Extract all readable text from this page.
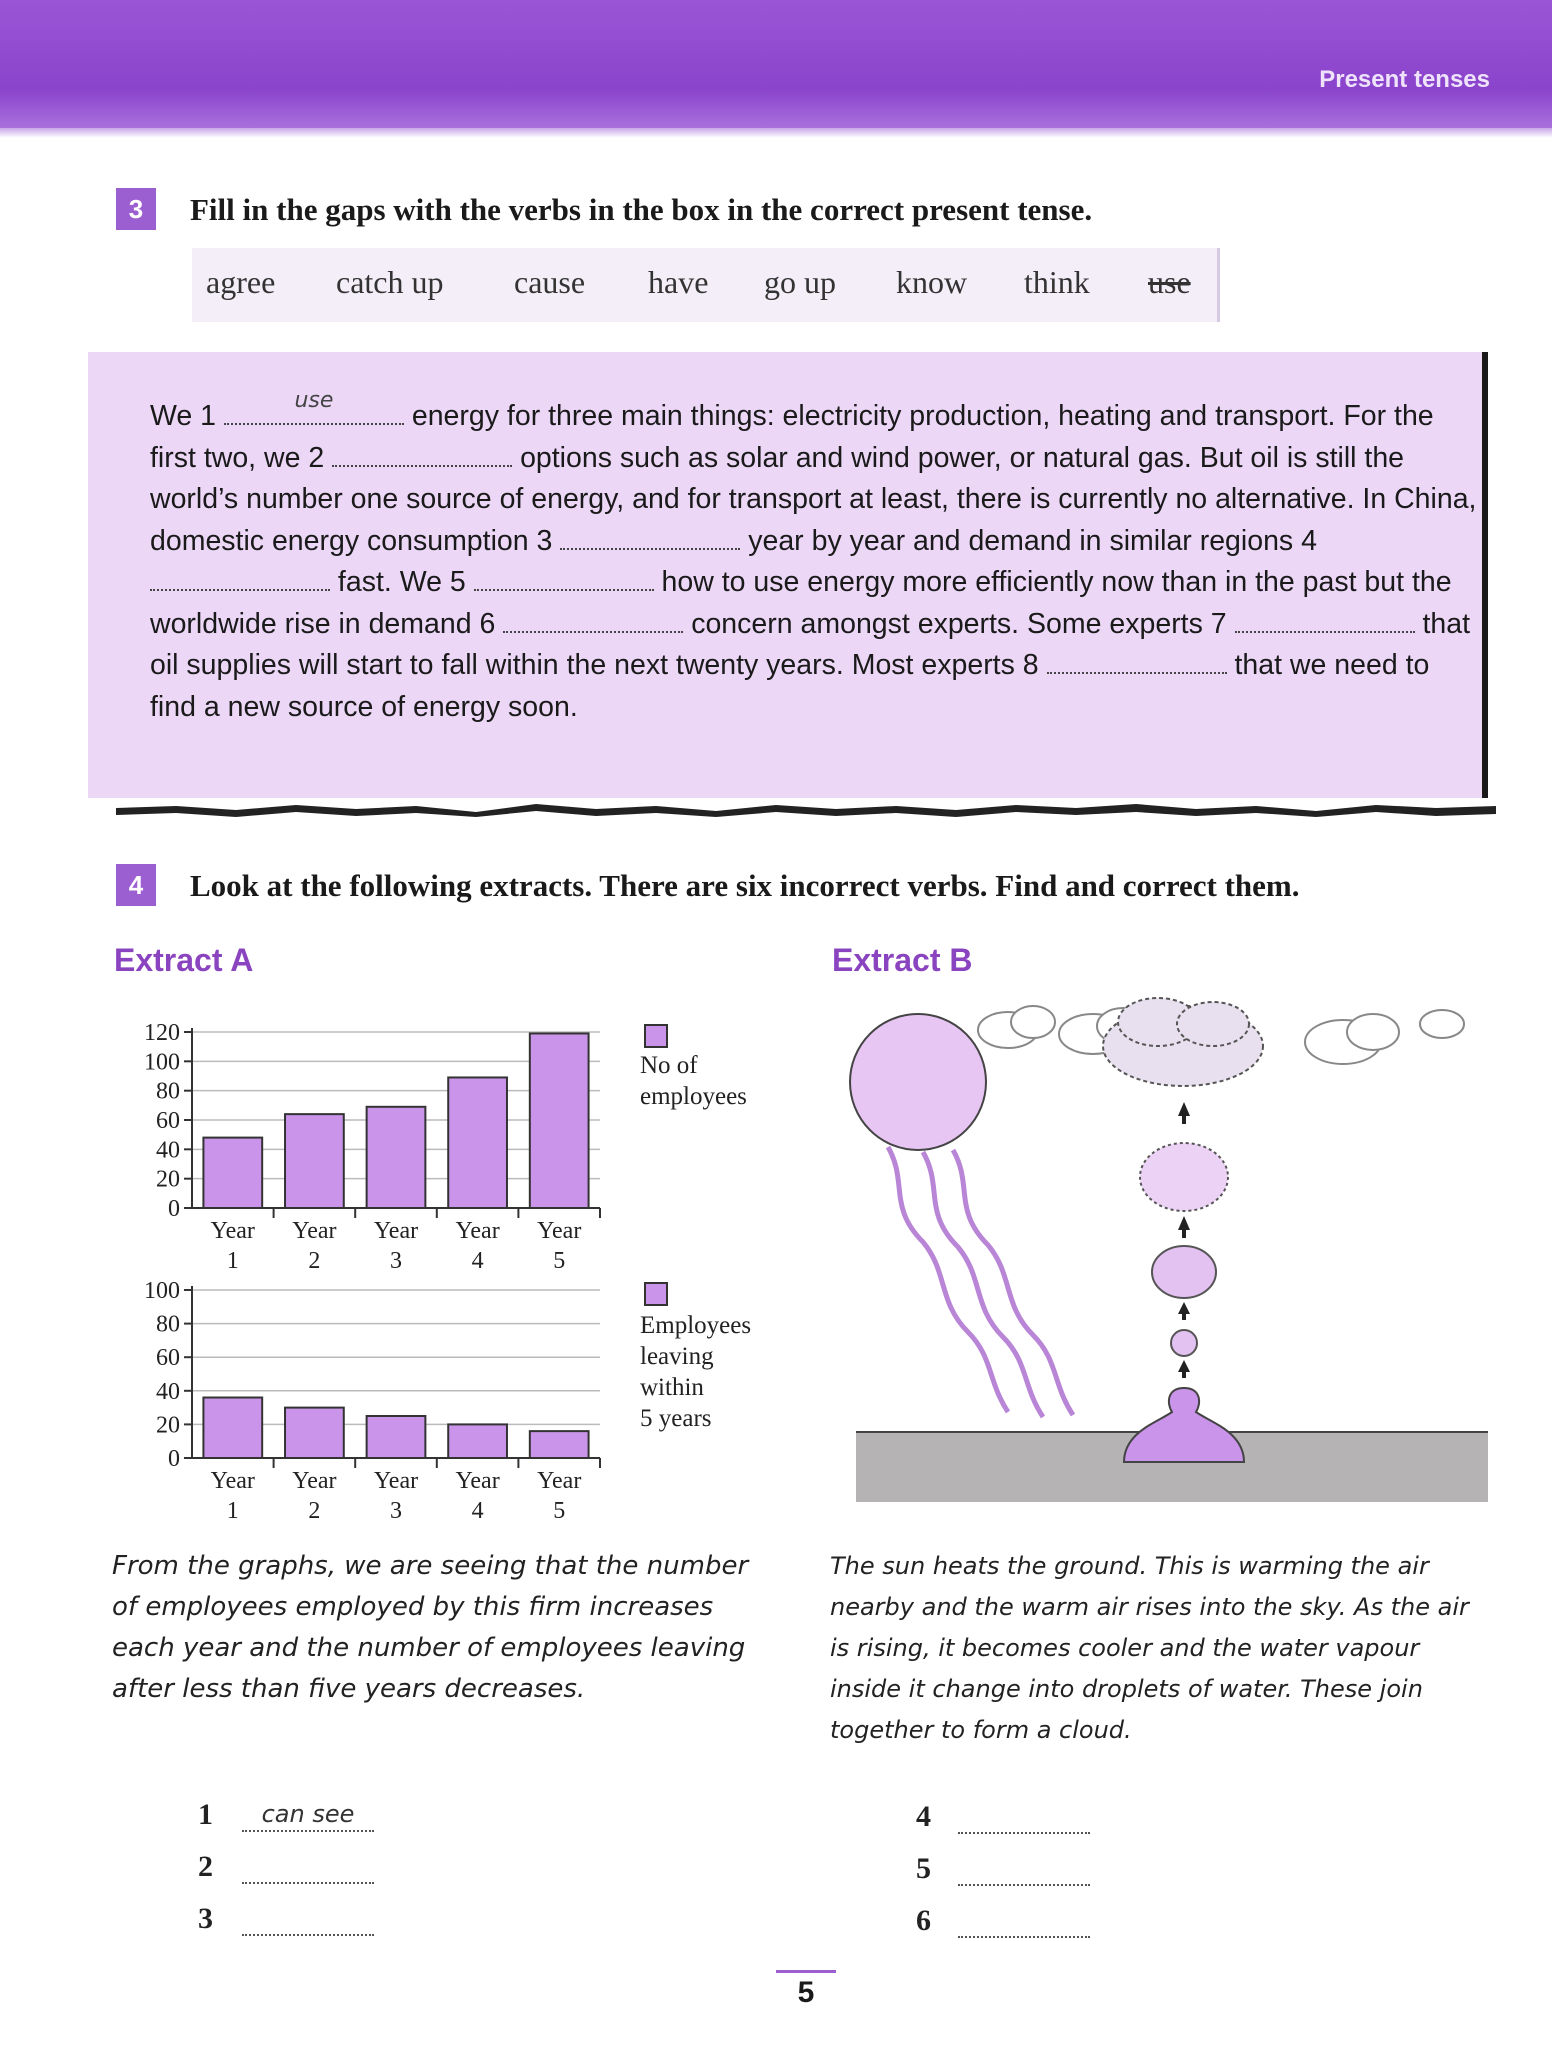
Present tenses
3	Fill in the gaps with the verbs in the box in the correct present tense.
agree catch up cause have go up know think use
We 1	use	energy for three main things: electricity production, heating and transport. For the first two, we 2	options such as solar and wind power, or natural gas. But oil is still the world’s number one source of energy, and for transport at least, there is currently no alternative. In China, domestic energy consumption 3	year by year and demand in similar regions 4  fast. We 5	how to use energy more efficiently now than in the past but the worldwide rise in demand 6	concern amongst experts. Some experts 7	that oil supplies will start to fall within the next twenty years. Most experts 8	that we need to find a new source of energy soon.
4	Look at the following extracts. There are six incorrect verbs. Find and correct them.
Extract A	Extract B
120
100
80
60
40
20
0
Year
1
Year
2
Year
3
Year
4
Year
5
100
80
60
40
20
0
Year
1
Year
2
Year
3
Year
4
Year
5
No of
employees
Employees
leaving
within
5 years
From the graphs, we are seeing that the number of employees employed by this firm increases each year and the number of employees leaving after less than five years decreases.
The sun heats the ground. This is warming the air nearby and the warm air rises into the sky. As the air is rising, it becomes cooler and the water vapour inside it change into droplets of water. These join together to form a cloud.
1	can see
2
3
4
5
6
5
